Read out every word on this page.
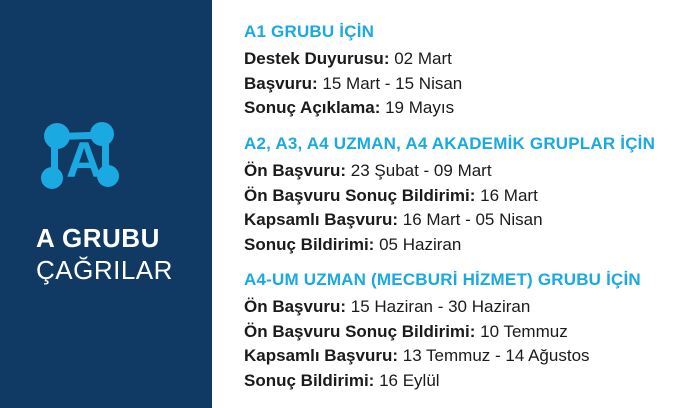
A
A GRUBU
ÇAĞRILAR
A1 GRUBU İÇİN
Destek Duyurusu: 02 Mart
Başvuru: 15 Mart - 15 Nisan
Sonuç Açıklama: 19 Mayıs
A2, A3, A4 UZMAN, A4 AKADEMİK GRUPLAR İÇİN
Ön Başvuru: 23 Şubat - 09 Mart
Ön Başvuru Sonuç Bildirimi: 16 Mart
Kapsamlı Başvuru: 16 Mart - 05 Nisan
Sonuç Bildirimi: 05 Haziran
A4-UM UZMAN (MECBURİ HİZMET) GRUBU İÇİN
Ön Başvuru: 15 Haziran - 30 Haziran
Ön Başvuru Sonuç Bildirimi: 10 Temmuz
Kapsamlı Başvuru: 13 Temmuz - 14 Ağustos
Sonuç Bildirimi: 16 Eylül
